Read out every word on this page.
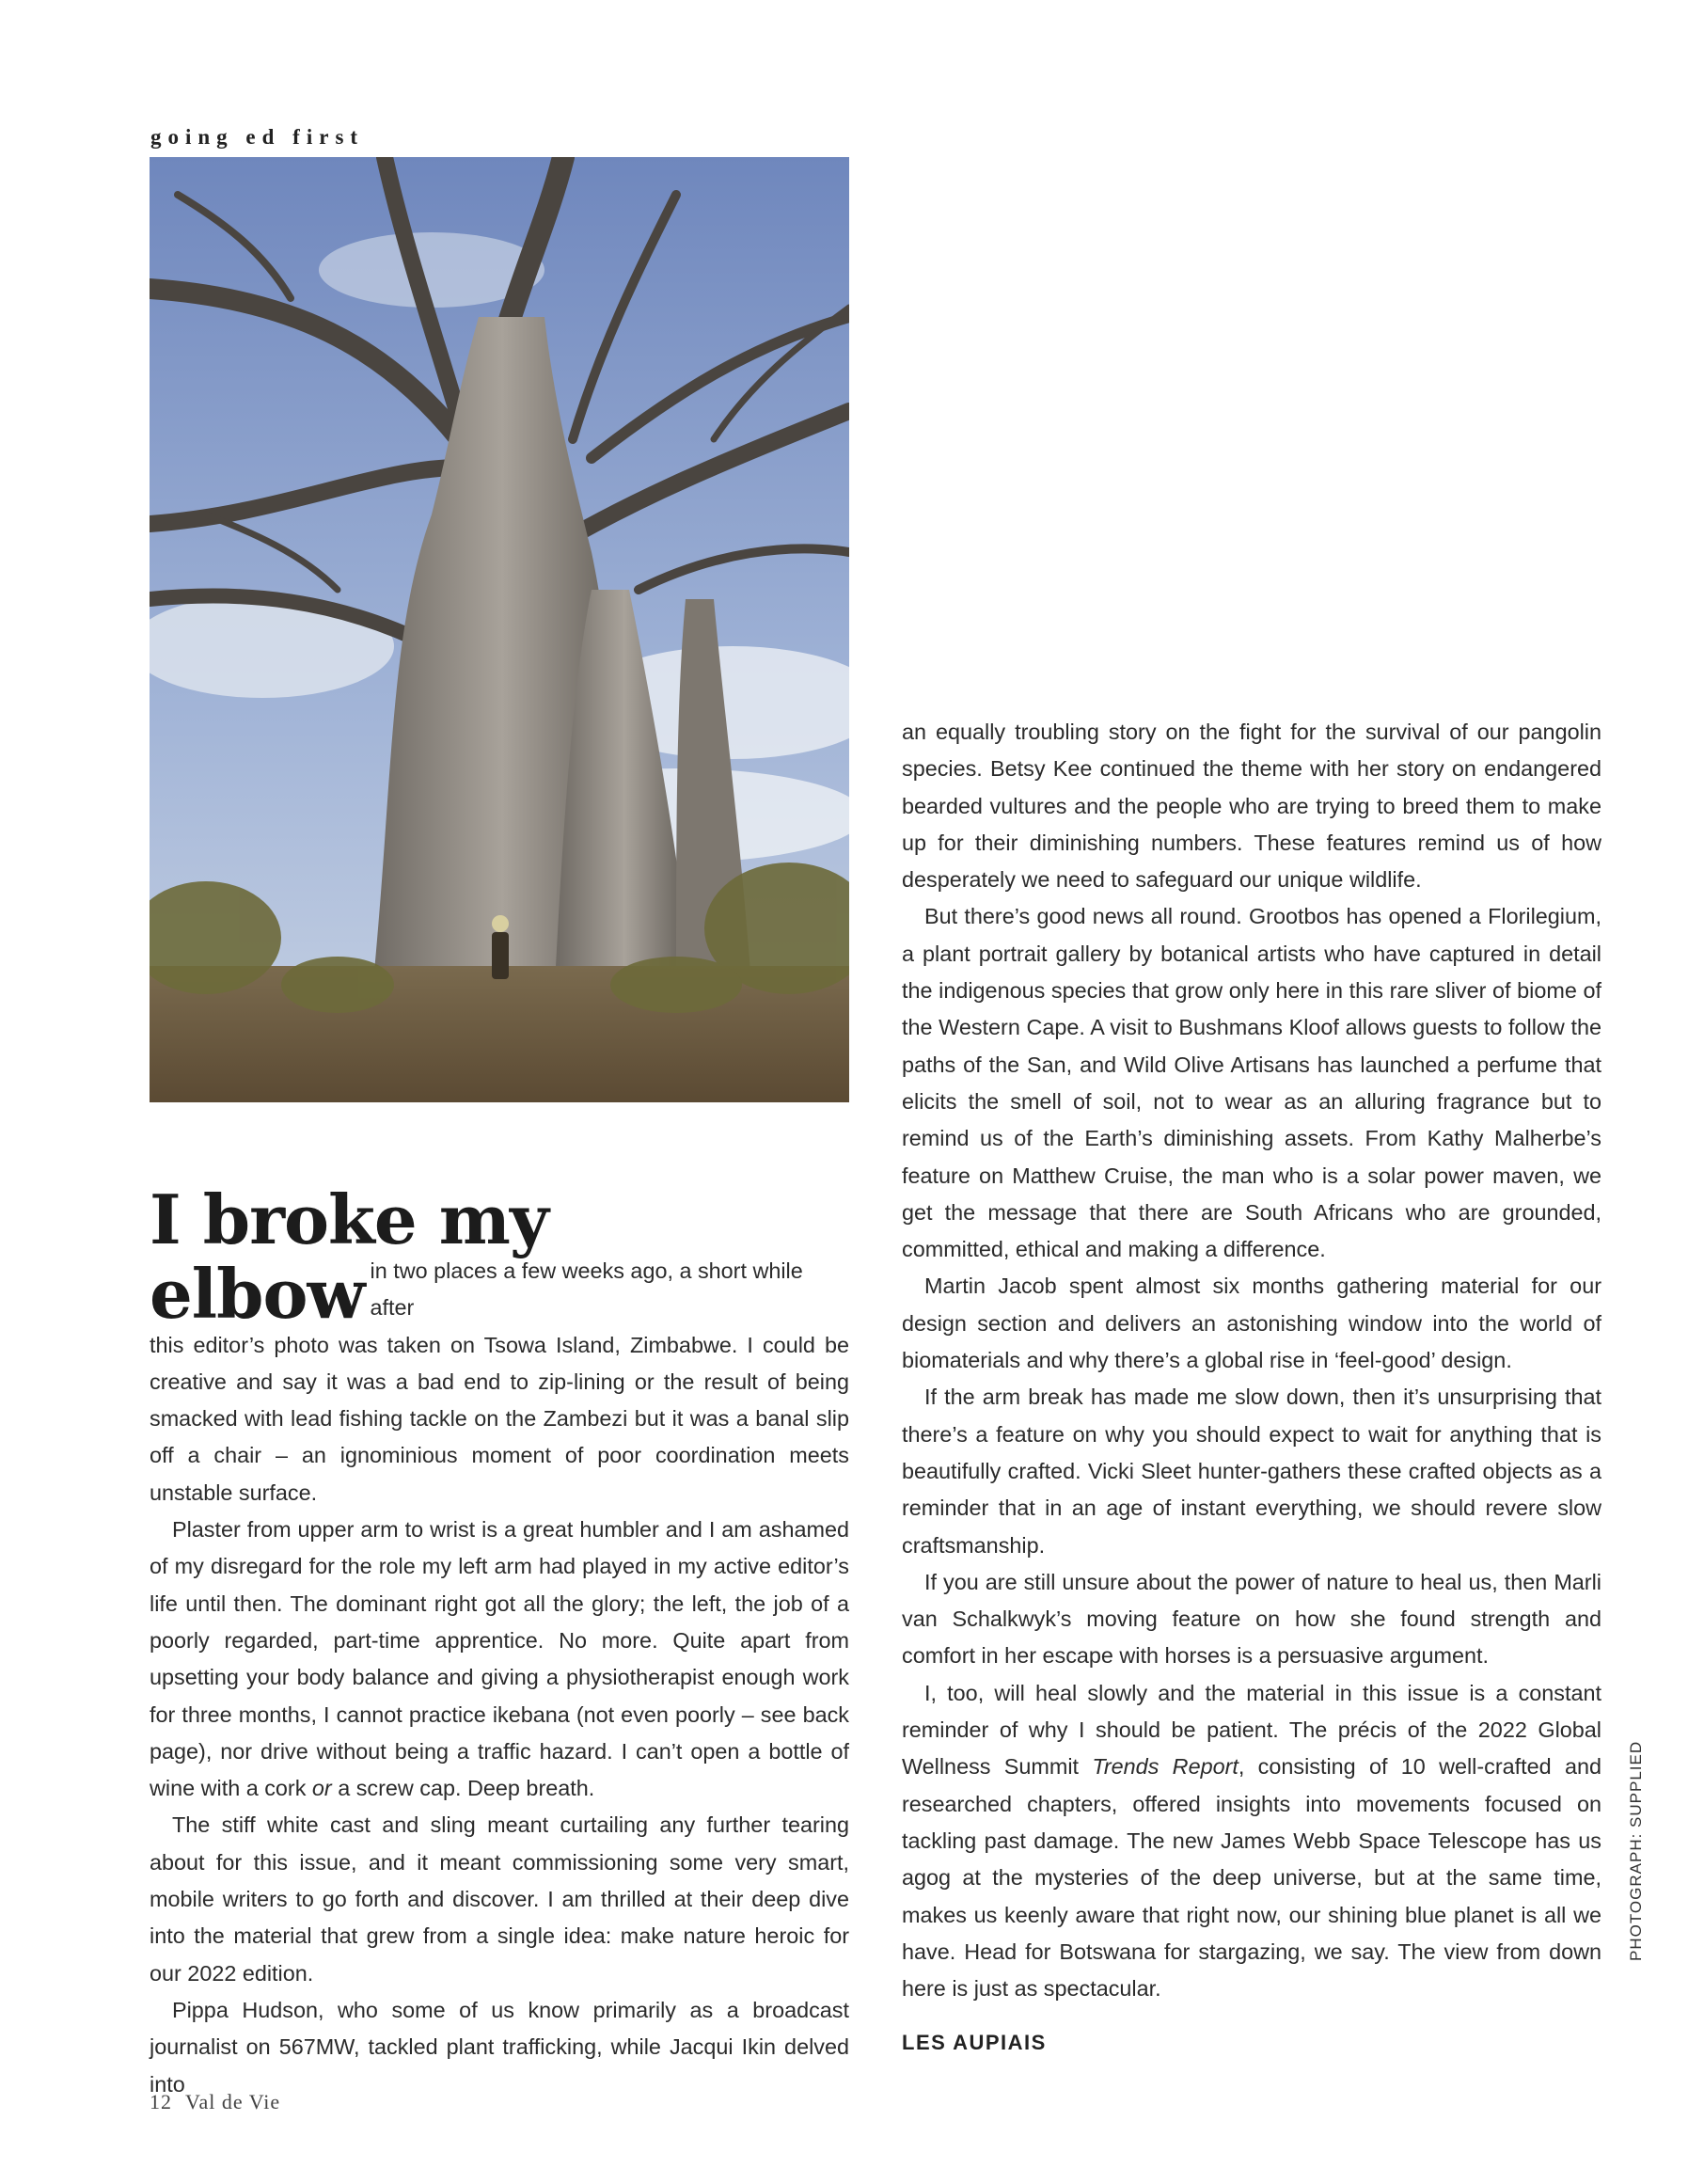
going ed first
I broke my
elbow in two places a few weeks ago, a short while after

this editor’s photo was taken on Tsowa Island, Zimbabwe. I could be creative and say it was a bad end to zip-lining or the result of being smacked with lead fishing tackle on the Zambezi but it was a banal slip off a chair – an ignominious moment of poor coordination meets unstable surface.

Plaster from upper arm to wrist is a great humbler and I am ashamed of my disregard for the role my left arm had played in my active editor’s life until then. The dominant right got all the glory; the left, the job of a poorly regarded, part-time apprentice. No more. Quite apart from upsetting your body balance and giving a physiotherapist enough work for three months, I cannot practice ikebana (not even poorly – see back page), nor drive without being a traffic hazard. I can’t open a bottle of wine with a cork or a screw cap. Deep breath.

The stiff white cast and sling meant curtailing any further tearing about for this issue, and it meant commissioning some very smart, mobile writers to go forth and discover. I am thrilled at their deep dive into the material that grew from a single idea: make nature heroic for our 2022 edition.

Pippa Hudson, who some of us know primarily as a broadcast journalist on 567MW, tackled plant trafficking, while Jacqui Ikin delved into

an equally troubling story on the fight for the survival of our pangolin species. Betsy Kee continued the theme with her story on endangered bearded vultures and the people who are trying to breed them to make up for their diminishing numbers. These features remind us of how desperately we need to safeguard our unique wildlife.

But there’s good news all round. Grootbos has opened a Florilegium, a plant portrait gallery by botanical artists who have captured in detail the indigenous species that grow only here in this rare sliver of biome of the Western Cape. A visit to Bushmans Kloof allows guests to follow the paths of the San, and Wild Olive Artisans has launched a perfume that elicits the smell of soil, not to wear as an alluring fragrance but to remind us of the Earth’s diminishing assets. From Kathy Malherbe’s feature on Matthew Cruise, the man who is a solar power maven, we get the message that there are South Africans who are grounded, committed, ethical and making a difference.

Martin Jacob spent almost six months gathering material for our design section and delivers an astonishing window into the world of biomaterials and why there’s a global rise in ‘feel-good’ design.

If the arm break has made me slow down, then it’s unsurprising that there’s a feature on why you should expect to wait for anything that is beautifully crafted. Vicki Sleet hunter-gathers these crafted objects as a reminder that in an age of instant everything, we should revere slow craftsmanship.

If you are still unsure about the power of nature to heal us, then Marli van Schalkwyk’s moving feature on how she found strength and comfort in her escape with horses is a persuasive argument.

I, too, will heal slowly and the material in this issue is a constant reminder of why I should be patient. The précis of the 2022 Global Wellness Summit Trends Report, consisting of 10 well-crafted and researched chapters, offered insights into movements focused on tackling past damage. The new James Webb Space Telescope has us agog at the mysteries of the deep universe, but at the same time, makes us keenly aware that right now, our shining blue planet is all we have. Head for Botswana for stargazing, we say. The view from down here is just as spectacular.

LES AUPIAIS

PHOTOGRAPH: SUPPLIED
12 Val de Vie
